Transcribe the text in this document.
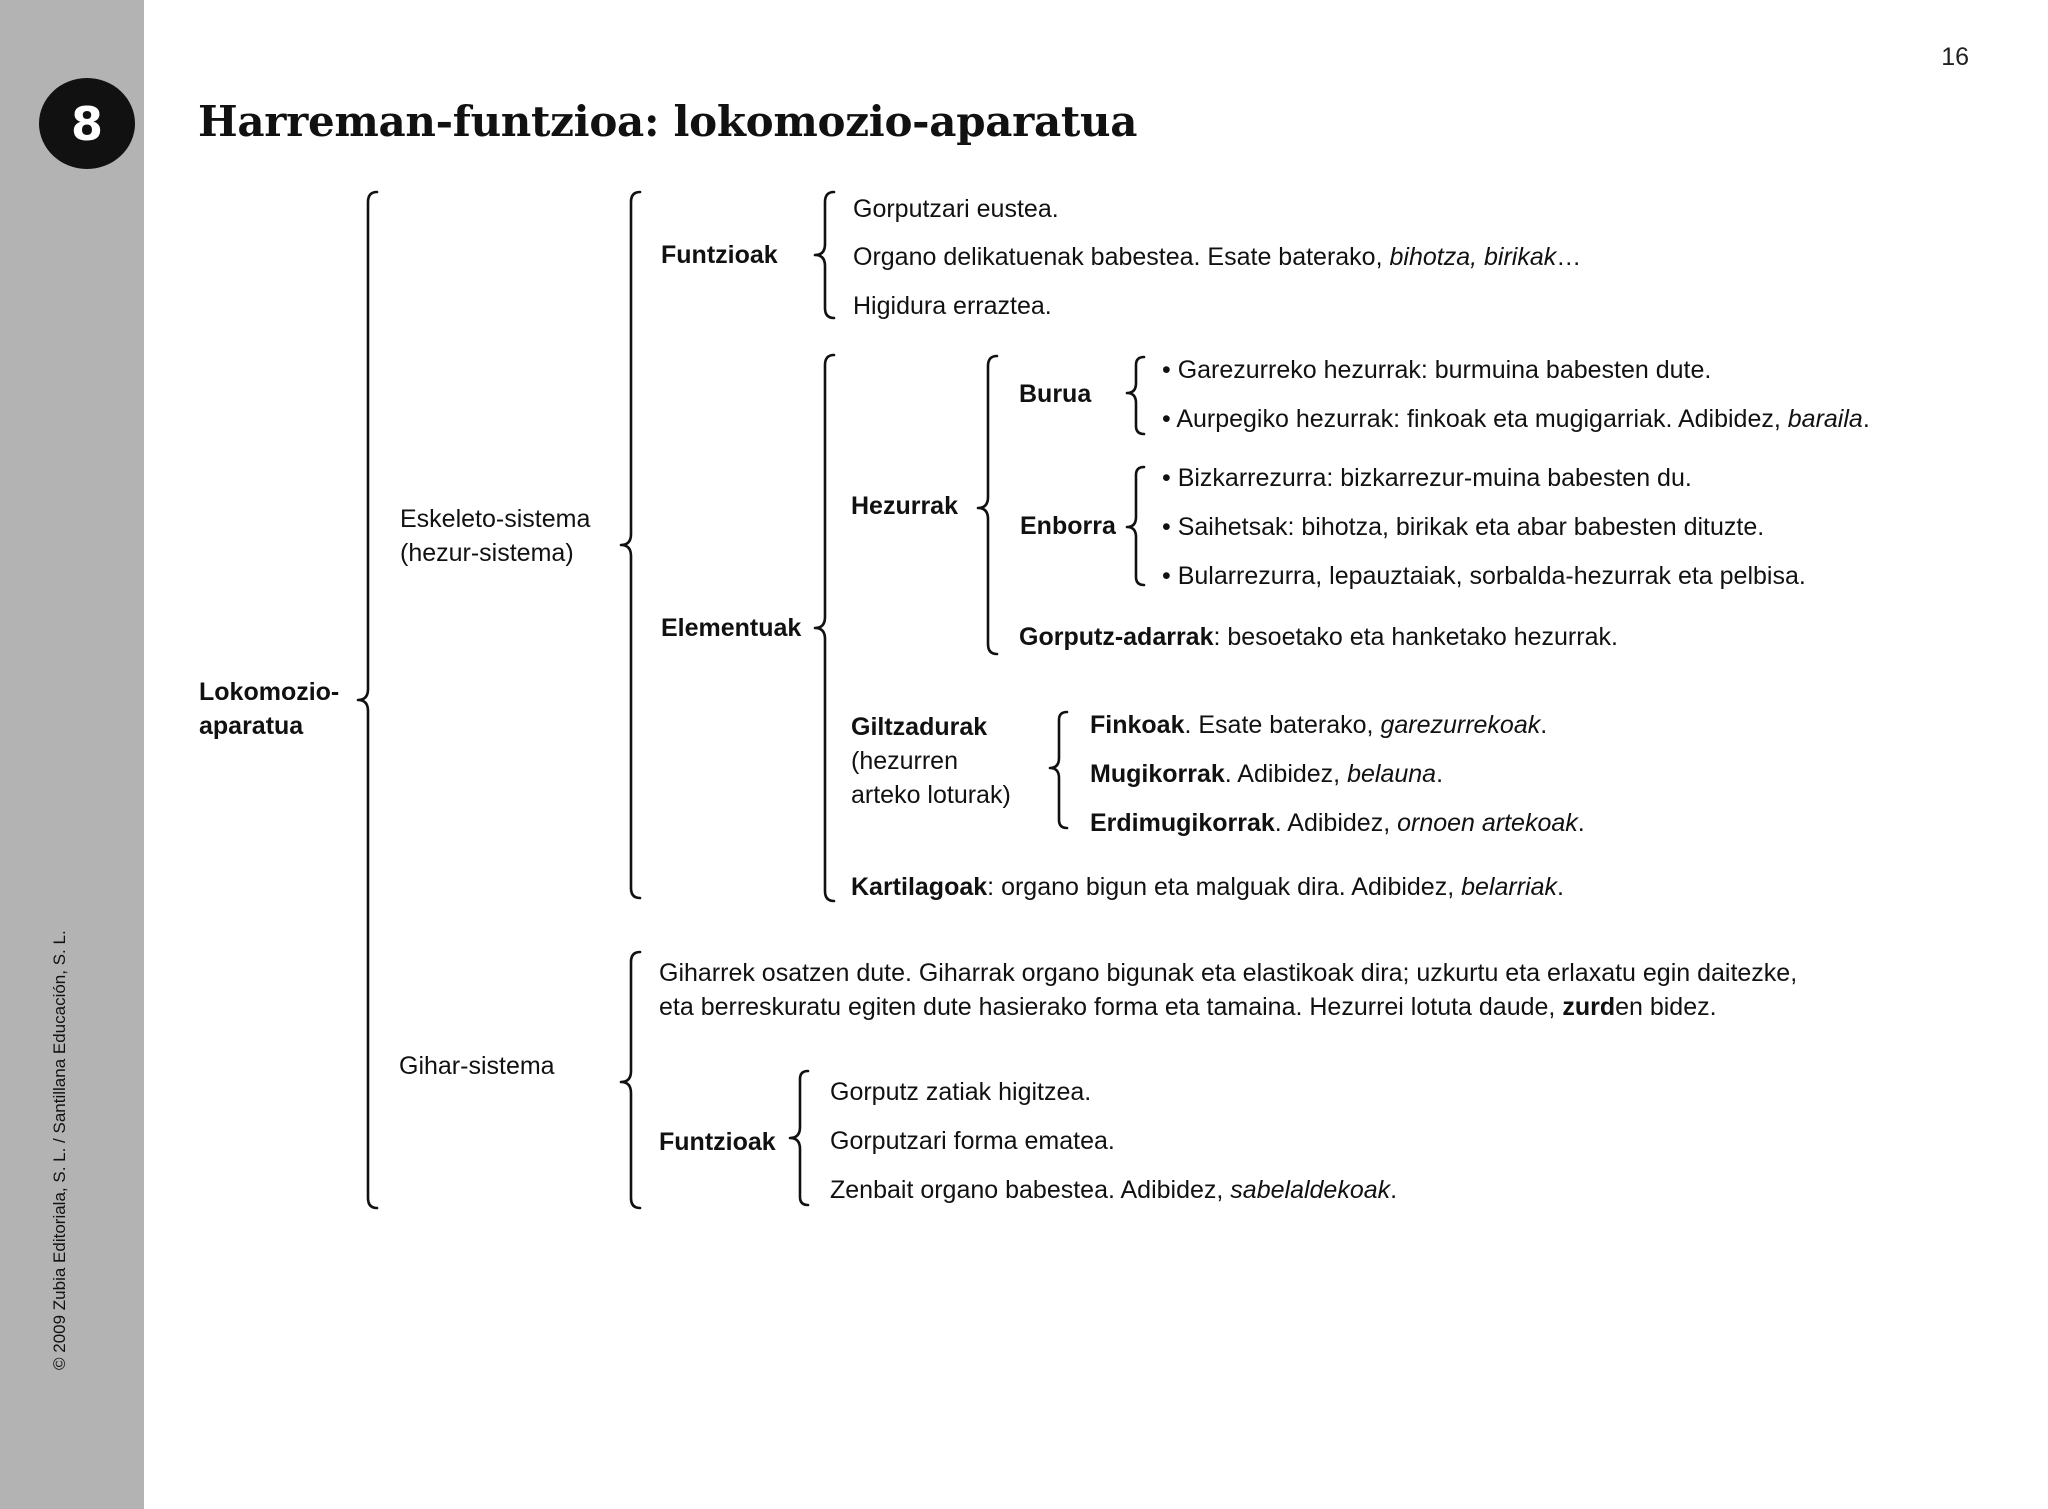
8
© 2009 Zubia Editoriala, S. L. / Santillana Educación, S. L.
16
Harreman-funtzioa: lokomozio-aparatua
Lokomozio-
aparatua
Eskeleto-sistema
(hezur-sistema)
Funtzioak
Gorputzari eustea.
Organo delikatuenak babestea. Esate baterako, bihotza, birikak…
Higidura erraztea.
Elementuak
Hezurrak
Burua
• Garezurreko hezurrak: burmuina babesten dute.
• Aurpegiko hezurrak: finkoak eta mugigarriak. Adibidez, baraila.
Enborra
• Bizkarrezurra: bizkarrezur-muina babesten du.
• Saihetsak: bihotza, birikak eta abar babesten dituzte.
• Bularrezurra, lepauztaiak, sorbalda-hezurrak eta pelbisa.
Gorputz-adarrak: besoetako eta hanketako hezurrak.
Giltzadurak
(hezurren
arteko loturak)
Finkoak. Esate baterako, garezurrekoak.
Mugikorrak. Adibidez, belauna.
Erdimugikorrak. Adibidez, ornoen artekoak.
Kartilagoak: organo bigun eta malguak dira. Adibidez, belarriak.
Gihar-sistema
Giharrek osatzen dute. Giharrak organo bigunak eta elastikoak dira; uzkurtu eta erlaxatu egin daitezke,
eta berreskuratu egiten dute hasierako forma eta tamaina. Hezurrei lotuta daude, zurden bidez.
Funtzioak
Gorputz zatiak higitzea.
Gorputzari forma ematea.
Zenbait organo babestea. Adibidez, sabelaldekoak.
